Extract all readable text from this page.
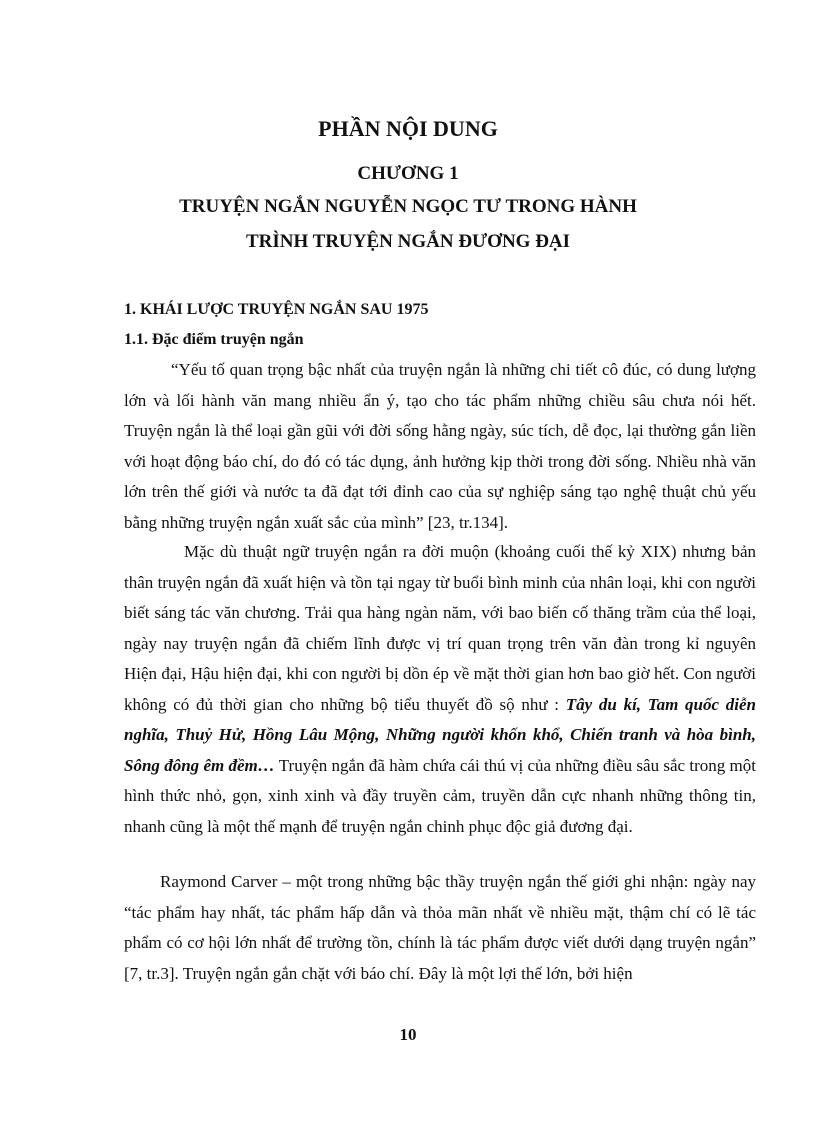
PHẦN NỘI DUNG
CHƯƠNG 1
TRUYỆN NGẮN NGUYỄN NGỌC TƯ TRONG HÀNH
TRÌNH TRUYỆN NGẮN ĐƯƠNG ĐẠI
1. KHÁI LƯỢC TRUYỆN NGẮN SAU 1975
1.1. Đặc điểm truyện ngắn

“Yếu tố quan trọng bậc nhất của truyện ngắn là những chi tiết cô đúc, có dung lượng lớn và lối hành văn mang nhiều ẩn ý, tạo cho tác phẩm những chiều sâu chưa nói hết. Truyện ngắn là thể loại gần gũi với đời sống hằng ngày, súc tích, dễ đọc, lại thường gắn liền với hoạt động báo chí, do đó có tác dụng, ảnh hưởng kịp thời trong đời sống. Nhiều nhà văn lớn trên thế giới và nước ta đã đạt tới đỉnh cao của sự nghiệp sáng tạo nghệ thuật chủ yếu bằng những truyện ngắn xuất sắc của mình” [23, tr.134].

Mặc dù thuật ngữ truyện ngắn ra đời muộn (khoảng cuối thế kỷ XIX) nhưng bản thân truyện ngắn đã xuất hiện và tồn tại ngay từ buổi bình minh của nhân loại, khi con người biết sáng tác văn chương. Trải qua hàng ngàn năm, với bao biến cố thăng trầm của thể loại, ngày nay truyện ngắn đã chiếm lĩnh được vị trí quan trọng trên văn đàn trong kỉ nguyên Hiện đại, Hậu hiện đại, khi con người bị dồn ép về mặt thời gian hơn bao giờ hết. Con người không có đủ thời gian cho những bộ tiểu thuyết đồ sộ như : Tây du kí, Tam quốc diễn nghĩa, Thuỷ Hử, Hồng Lâu Mộng, Những người khốn khổ, Chiến tranh và hòa bình, Sông đông êm đềm… Truyện ngắn đã hàm chứa cái thú vị của những điều sâu sắc trong một hình thức nhỏ, gọn, xinh xinh và đầy truyền cảm, truyền dẫn cực nhanh những thông tin, nhanh cũng là một thế mạnh để truyện ngắn chinh phục độc giả đương đại.

Raymond Carver – một trong những bậc thầy truyện ngắn thế giới ghi nhận: ngày nay “tác phẩm hay nhất, tác phẩm hấp dẫn và thỏa mãn nhất về nhiều mặt, thậm chí có lẽ tác phẩm có cơ hội lớn nhất để trường tồn, chính là tác phẩm được viết dưới dạng truyện ngắn” [7, tr.3]. Truyện ngắn gắn chặt với báo chí. Đây là một lợi thế lớn, bởi hiện

10
